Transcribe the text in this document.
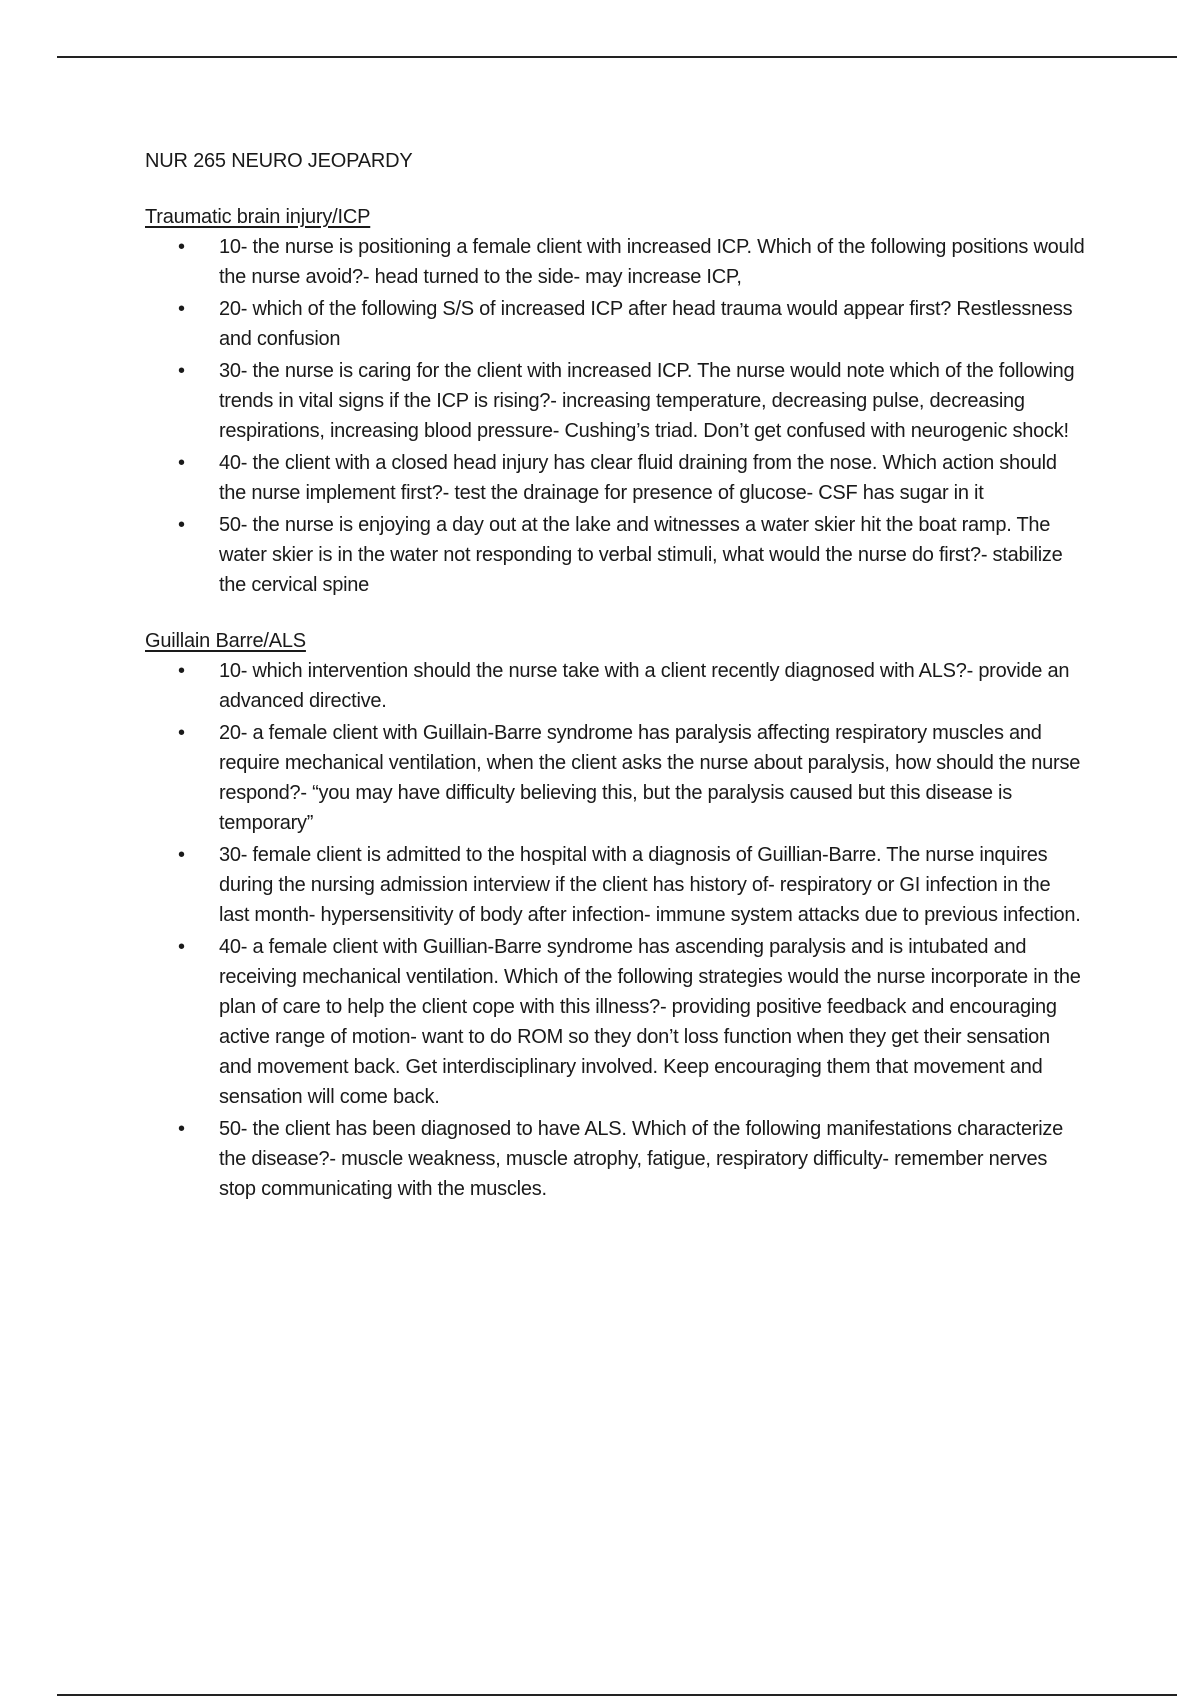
NUR 265 NEURO JEOPARDY
Traumatic brain injury/ICP
• 10- the nurse is positioning a female client with increased ICP. Which of the following positions would the nurse avoid?- head turned to the side- may increase ICP,
• 20- which of the following S/S of increased ICP after head trauma would appear first? Restlessness and confusion
• 30- the nurse is caring for the client with increased ICP. The nurse would note which of the following trends in vital signs if the ICP is rising?- increasing temperature, decreasing pulse, decreasing respirations, increasing blood pressure- Cushing’s triad. Don’t get confused with neurogenic shock!
• 40- the client with a closed head injury has clear fluid draining from the nose. Which action should the nurse implement first?- test the drainage for presence of glucose- CSF has sugar in it
• 50- the nurse is enjoying a day out at the lake and witnesses a water skier hit the boat ramp. The water skier is in the water not responding to verbal stimuli, what would the nurse do first?- stabilize the cervical spine
Guillain Barre/ALS
• 10- which intervention should the nurse take with a client recently diagnosed with ALS?- provide an advanced directive.
• 20- a female client with Guillain-Barre syndrome has paralysis affecting respiratory muscles and require mechanical ventilation, when the client asks the nurse about paralysis, how should the nurse respond?- “you may have difficulty believing this, but the paralysis caused but this disease is temporary”
• 30- female client is admitted to the hospital with a diagnosis of Guillian-Barre. The nurse inquires during the nursing admission interview if the client has history of- respiratory or GI infection in the last month- hypersensitivity of body after infection- immune system attacks due to previous infection.
• 40- a female client with Guillian-Barre syndrome has ascending paralysis and is intubated and receiving mechanical ventilation. Which of the following strategies would the nurse incorporate in the plan of care to help the client cope with this illness?- providing positive feedback and encouraging active range of motion- want to do ROM so they don’t loss function when they get their sensation and movement back. Get interdisciplinary involved. Keep encouraging them that movement and sensation will come back.
• 50- the client has been diagnosed to have ALS. Which of the following manifestations characterize the disease?- muscle weakness, muscle atrophy, fatigue, respiratory difficulty- remember nerves stop communicating with the muscles.
